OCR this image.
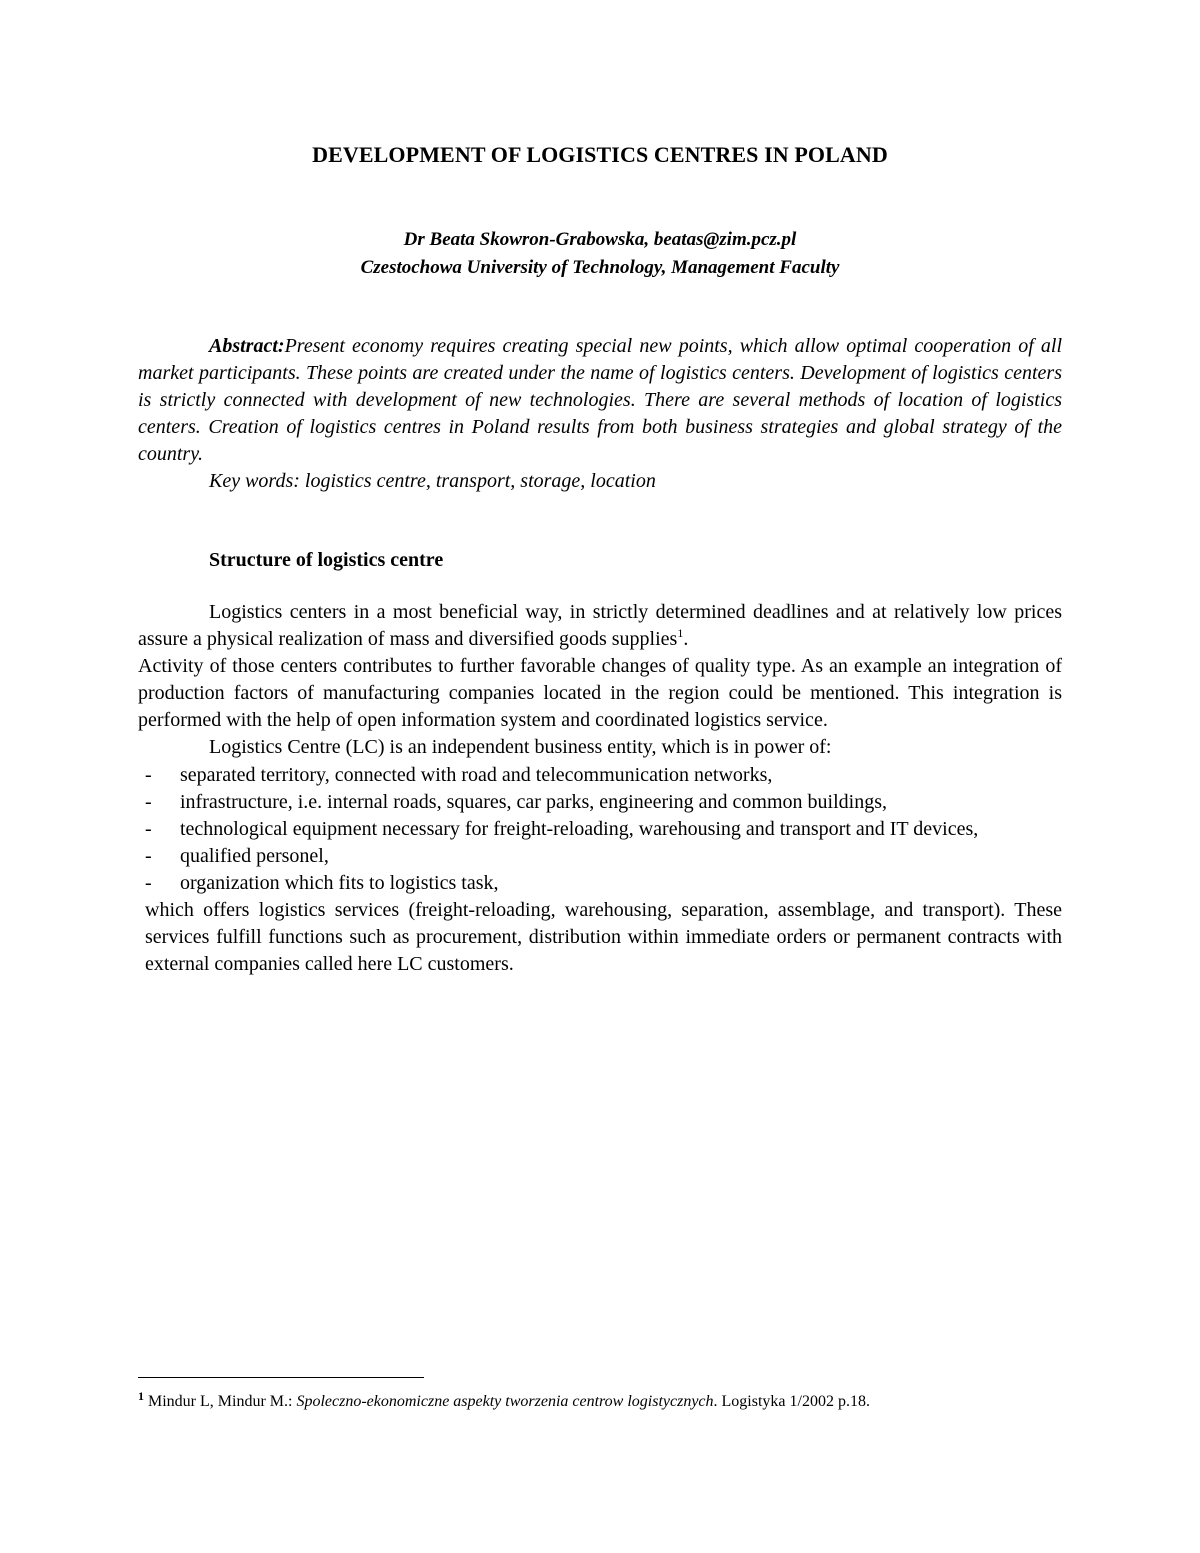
DEVELOPMENT OF LOGISTICS CENTRES IN POLAND
Dr Beata Skowron-Grabowska, beatas@zim.pcz.pl
Czestochowa University of Technology, Management Faculty
Abstract:Present economy requires creating special new points, which allow optimal cooperation of all market participants. These points are created under the name of logistics centers. Development of logistics centers is strictly connected with development of new technologies. There are several methods of location of logistics centers. Creation of logistics centres in Poland results from both business strategies and global strategy of the country.
Key words: logistics centre, transport, storage, location
Structure of logistics centre

Logistics centers in a most beneficial way, in strictly determined deadlines and at relatively low prices assure a physical realization of mass and diversified goods supplies$^1$.

Activity of those centers contributes to further favorable changes of quality type. As an example an integration of production factors of manufacturing companies located in the region could be mentioned. This integration is performed with the help of open information system and coordinated logistics service.

Logistics Centre (LC) is an independent business entity, which is in power of:

- separated territory, connected with road and telecommunication networks,
- infrastructure, i.e. internal roads, squares, car parks, engineering and common buildings,
- technological equipment necessary for freight-reloading, warehousing and transport and IT devices,
- qualified personel,
- organization which fits to logistics task,

which offers logistics services (freight-reloading, warehousing, separation, assemblage, and transport). These services fulfill functions such as procurement, distribution within immediate orders or permanent contracts with external companies called here LC customers.

$^1$ Mindur L, Mindur M.: Spoleczno-ekonomiczne aspekty tworzenia centrow logistycznych. Logistyka 1/2002 p.18.
